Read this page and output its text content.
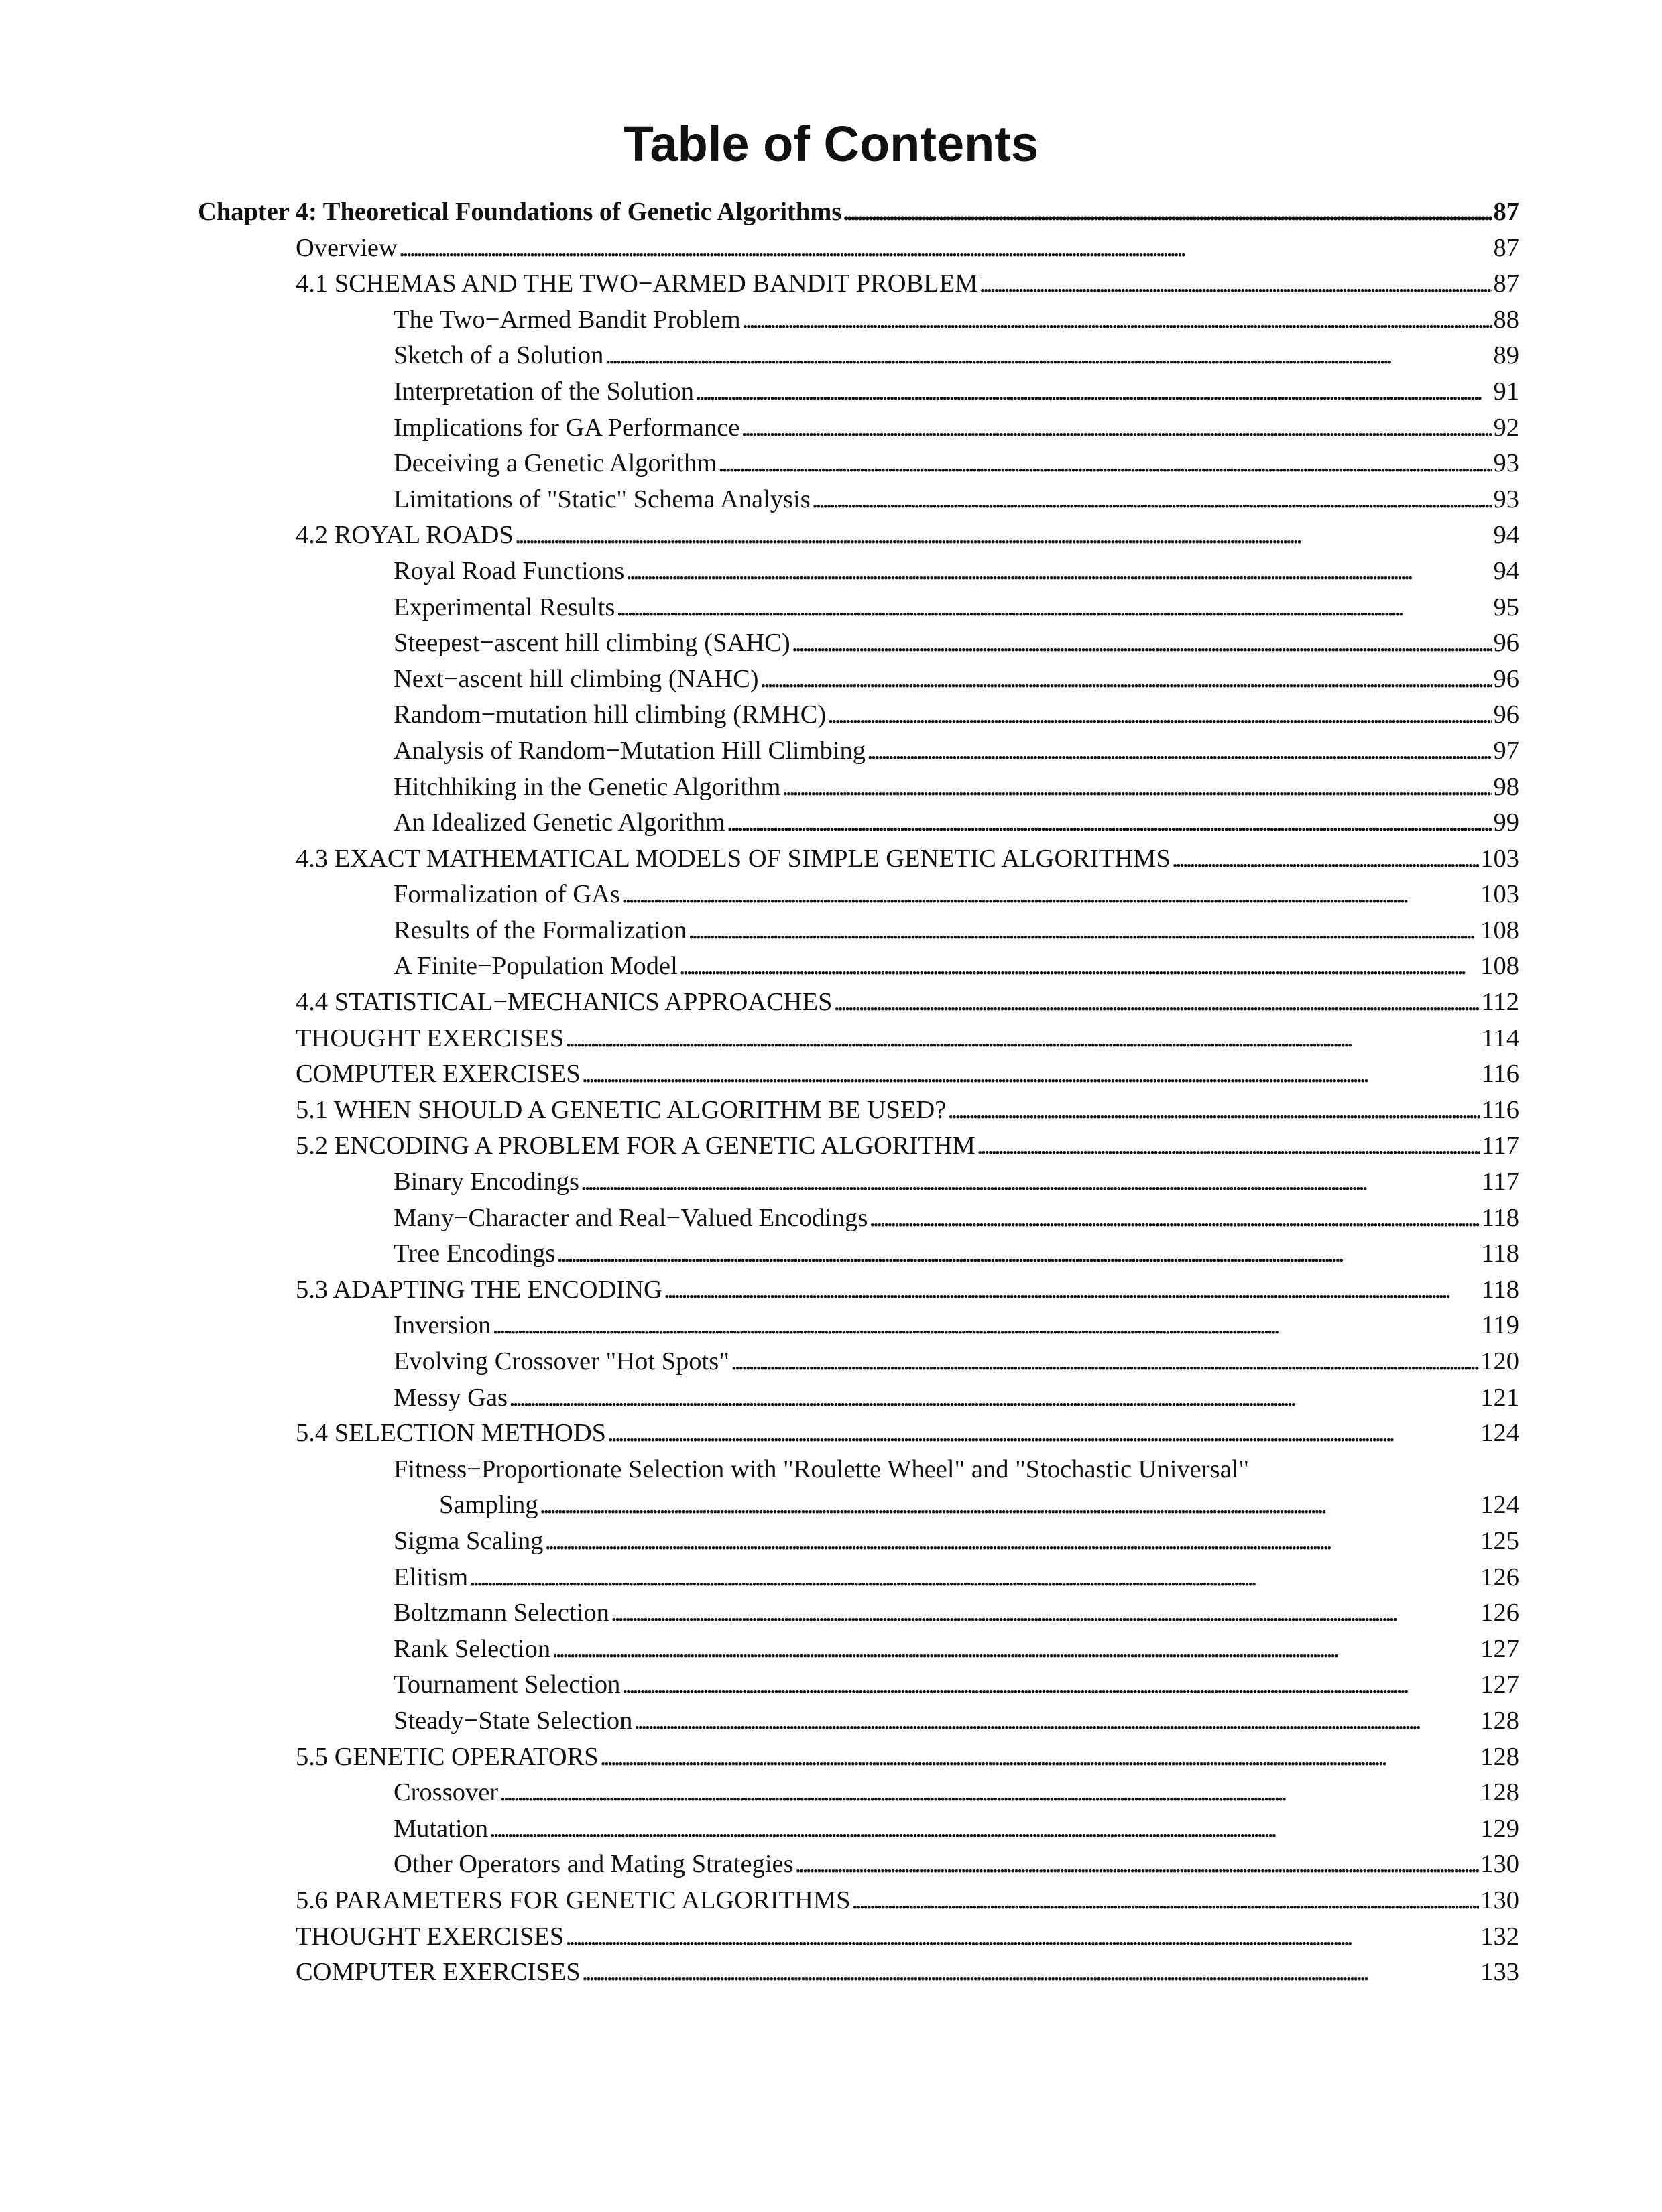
Table of Contents
Chapter 4: Theoretical Foundations of Genetic Algorithms . . .	87
Overview . . .	87
4.1 SCHEMAS AND THE TWO−ARMED BANDIT PROBLEM . . .	87
The Two−Armed Bandit Problem . . .	88
Sketch of a Solution . . .	89
Interpretation of the Solution . . .	91
Implications for GA Performance . . .	92
Deceiving a Genetic Algorithm . . .	93
Limitations of "Static" Schema Analysis . . .	93
4.2 ROYAL ROADS . . .	94
Royal Road Functions . . .	94
Experimental Results . . .	95
Steepest−ascent hill climbing (SAHC) . . .	96
Next−ascent hill climbing (NAHC) . . .	96
Random−mutation hill climbing (RMHC) . . .	96
Analysis of Random−Mutation Hill Climbing . . .	97
Hitchhiking in the Genetic Algorithm . . .	98
An Idealized Genetic Algorithm . . .	99
4.3 EXACT MATHEMATICAL MODELS OF SIMPLE GENETIC ALGORITHMS . . .	103
Formalization of GAs . . .	103
Results of the Formalization . . .	108
A Finite−Population Model . . .	108
4.4 STATISTICAL−MECHANICS APPROACHES . . .	112
THOUGHT EXERCISES . . .	114
COMPUTER EXERCISES . . .	116
5.1 WHEN SHOULD A GENETIC ALGORITHM BE USED? . . .	116
5.2 ENCODING A PROBLEM FOR A GENETIC ALGORITHM . . .	117
Binary Encodings . . .	117
Many−Character and Real−Valued Encodings . . .	118
Tree Encodings . . .	118
5.3 ADAPTING THE ENCODING . . .	118
Inversion . . .	119
Evolving Crossover "Hot Spots" . . .	120
Messy Gas . . .	121
5.4 SELECTION METHODS . . .	124
Fitness−Proportionate Selection with "Roulette Wheel" and "Stochastic Universal"
Sampling . . .	124
Sigma Scaling . . .	125
Elitism . . .	126
Boltzmann Selection . . .	126
Rank Selection . . .	127
Tournament Selection . . .	127
Steady−State Selection . . .	128
5.5 GENETIC OPERATORS . . .	128
Crossover . . .	128
Mutation . . .	129
Other Operators and Mating Strategies . . .	130
5.6 PARAMETERS FOR GENETIC ALGORITHMS . . .	130
THOUGHT EXERCISES . . .	132
COMPUTER EXERCISES . . .	133
